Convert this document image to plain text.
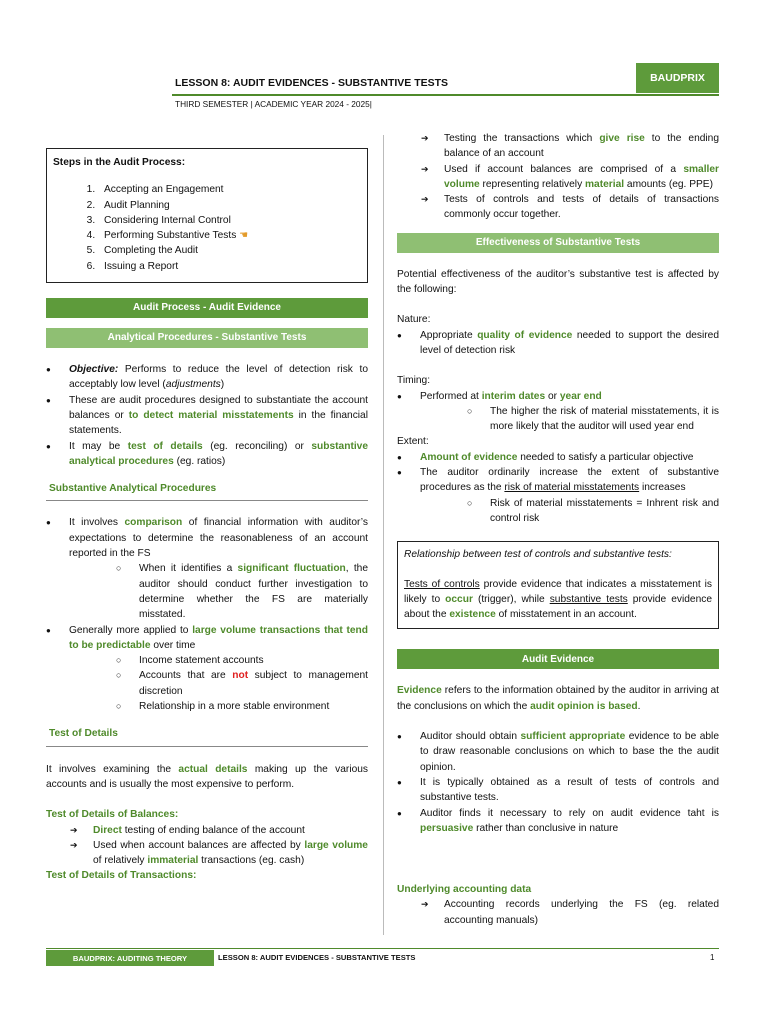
LESSON 8: AUDIT EVIDENCES - SUBSTANTIVE TESTS
THIRD SEMESTER | ACADEMIC YEAR 2024 - 2025|
BAUDPRIX
Steps in the Audit Process:
1. Accepting an Engagement
2. Audit Planning
3. Considering Internal Control
4. Performing Substantive Tests ☚
5. Completing the Audit
6. Issuing a Report
Audit Process - Audit Evidence
Analytical Procedures - Substantive Tests
● Objective: Performs to reduce the level of detection risk to acceptably low level (adjustments)
● These are audit procedures designed to substantiate the account balances or to detect material misstatements in the financial statements.
● It may be test of details (eg. reconciling) or substantive analytical procedures (eg. ratios)
Substantive Analytical Procedures
● It involves comparison of financial information with auditor’s expectations to determine the reasonableness of an account reported in the FS
○ When it identifies a significant fluctuation, the auditor should conduct further investigation to determine whether the FS are materially misstated.
● Generally more applied to large volume transactions that tend to be predictable over time
○ Income statement accounts
○ Accounts that are not subject to management discretion
○ Relationship in a more stable environment
Test of Details

It involves examining the actual details making up the various accounts and is usually the most expensive to perform.

Test of Details of Balances:
➔ Direct testing of ending balance of the account
➔ Used when account balances are affected by large volume of relatively immaterial transactions (eg. cash)
Test of Details of Transactions:
➔ Testing the transactions which give rise to the ending balance of an account
➔ Used if account balances are comprised of a smaller volume representing relatively material amounts (eg. PPE)
➔ Tests of controls and tests of details of transactions commonly occur together.
Effectiveness of Substantive Tests

Potential effectiveness of the auditor’s substantive test is affected by the following:

Nature:
● Appropriate quality of evidence needed to support the desired level of detection risk
Timing:
● Performed at interim dates or year end
○ The higher the risk of material misstatements, it is more likely that the auditor will used year end
Extent:
● Amount of evidence needed to satisfy a particular objective
● The auditor ordinarily increase the extent of substantive procedures as the risk of material misstatements increases
○ Risk of material misstatements = Inhrent risk and control risk
Relationship between test of controls and substantive tests:

Tests of controls provide evidence that indicates a misstatement is likely to occur (trigger), while substantive tests provide evidence about the existence of misstatement in an account.

Audit Evidence

Evidence refers to the information obtained by the auditor in arriving at the conclusions on which the audit opinion is based.

● Auditor should obtain sufficient appropriate evidence to be able to draw reasonable conclusions on which to base the the audit opinion.
● It is typically obtained as a result of tests of controls and substantive tests.
● Auditor finds it necessary to rely on audit evidence taht is persuasive rather than conclusive in nature
Underlying accounting data
➔ Accounting records underlying the FS (eg. related accounting manuals)
BAUDPRIX: AUDITING THEORY	LESSON 8: AUDIT EVIDENCES - SUBSTANTIVE TESTS	1
